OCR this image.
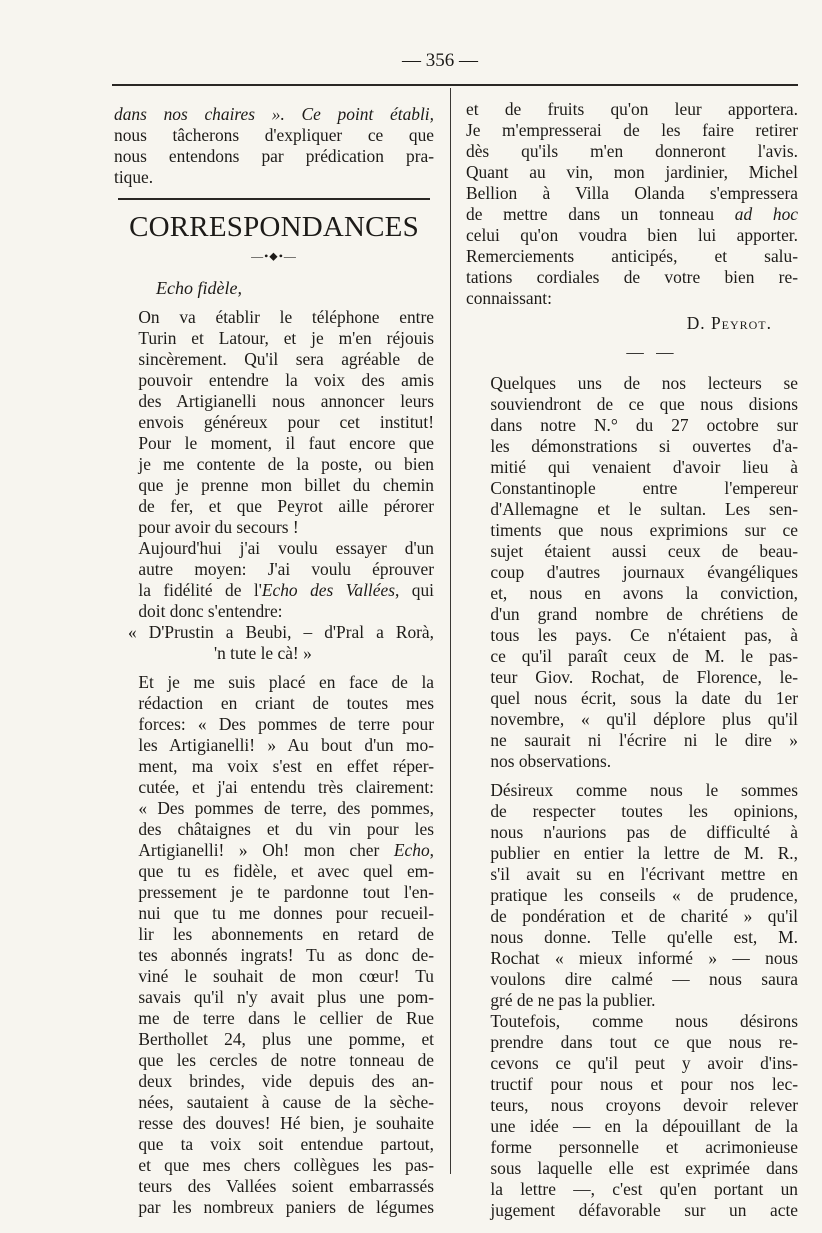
— 356 —

dans nos chaires ». Ce point établi,
nous tâcherons d'expliquer ce que
nous entendons par prédication pra-
tique.

CORRESPONDANCES
—•⬥•—
Echo fidèle,

On va établir le téléphone entre
Turin et Latour, et je m'en réjouis
sincèrement. Qu'il sera agréable de
pouvoir entendre la voix des amis
des Artigianelli nous annoncer leurs
envois généreux pour cet institut!
Pour le moment, il faut encore que
je me contente de la poste, ou bien
que je prenne mon billet du chemin
de fer, et que Peyrot aille pérorer
pour avoir du secours !

Aujourd'hui j'ai voulu essayer d'un
autre moyen: J'ai voulu éprouver
la fidélité de l'Echo des Vallées, qui
doit donc s'entendre:

« D'Prustin a Beubi, – d'Pral a Rorà,
'n tute le cà! »

Et je me suis placé en face de la
rédaction en criant de toutes mes
forces: « Des pommes de terre pour
les Artigianelli! » Au bout d'un mo-
ment, ma voix s'est en effet réper-
cutée, et j'ai entendu très clairement:
« Des pommes de terre, des pommes,
des châtaignes et du vin pour les
Artigianelli! » Oh! mon cher Echo,
que tu es fidèle, et avec quel em-
pressement je te pardonne tout l'en-
nui que tu me donnes pour recueil-
lir les abonnements en retard de
tes abonnés ingrats! Tu as donc de-
viné le souhait de mon cœur! Tu
savais qu'il n'y avait plus une pom-
me de terre dans le cellier de Rue
Berthollet 24, plus une pomme, et
que les cercles de notre tonneau de
deux brindes, vide depuis des an-
nées, sautaient à cause de la sèche-
resse des douves! Hé bien, je souhaite
que ta voix soit entendue partout,
et que mes chers collègues les pas-
teurs des Vallées soient embarrassés
par les nombreux paniers de légumes

et de fruits qu'on leur apportera.
Je m'empresserai de les faire retirer
dès qu'ils m'en donneront l'avis.
Quant au vin, mon jardinier, Michel
Bellion à Villa Olanda s'empressera
de mettre dans un tonneau ad hoc
celui qu'on voudra bien lui apporter.
Remerciements anticipés, et salu-
tations cordiales de votre bien re-
connaissant:

D. Peyrot.
— —

Quelques uns de nos lecteurs se
souviendront de ce que nous disions
dans notre N.° du 27 octobre sur
les démonstrations si ouvertes d'a-
mitié qui venaient d'avoir lieu à
Constantinople entre l'empereur
d'Allemagne et le sultan. Les sen-
timents que nous exprimions sur ce
sujet étaient aussi ceux de beau-
coup d'autres journaux évangéliques
et, nous en avons la conviction,
d'un grand nombre de chrétiens de
tous les pays. Ce n'étaient pas, à
ce qu'il paraît ceux de M. le pas-
teur Giov. Rochat, de Florence, le-
quel nous écrit, sous la date du 1er
novembre, « qu'il déplore plus qu'il
ne saurait ni l'écrire ni le dire »
nos observations.

Désireux comme nous le sommes
de respecter toutes les opinions,
nous n'aurions pas de difficulté à
publier en entier la lettre de M. R.,
s'il avait su en l'écrivant mettre en
pratique les conseils « de prudence,
de pondération et de charité » qu'il
nous donne. Telle qu'elle est, M.
Rochat « mieux informé » — nous
voulons dire calmé — nous saura
gré de ne pas la publier.

Toutefois, comme nous désirons
prendre dans tout ce que nous re-
cevons ce qu'il peut y avoir d'ins-
tructif pour nous et pour nos lec-
teurs, nous croyons devoir relever
une idée — en la dépouillant de la
forme personnelle et acrimonieuse
sous laquelle elle est exprimée dans
la lettre —, c'est qu'en portant un
jugement défavorable sur un acte
